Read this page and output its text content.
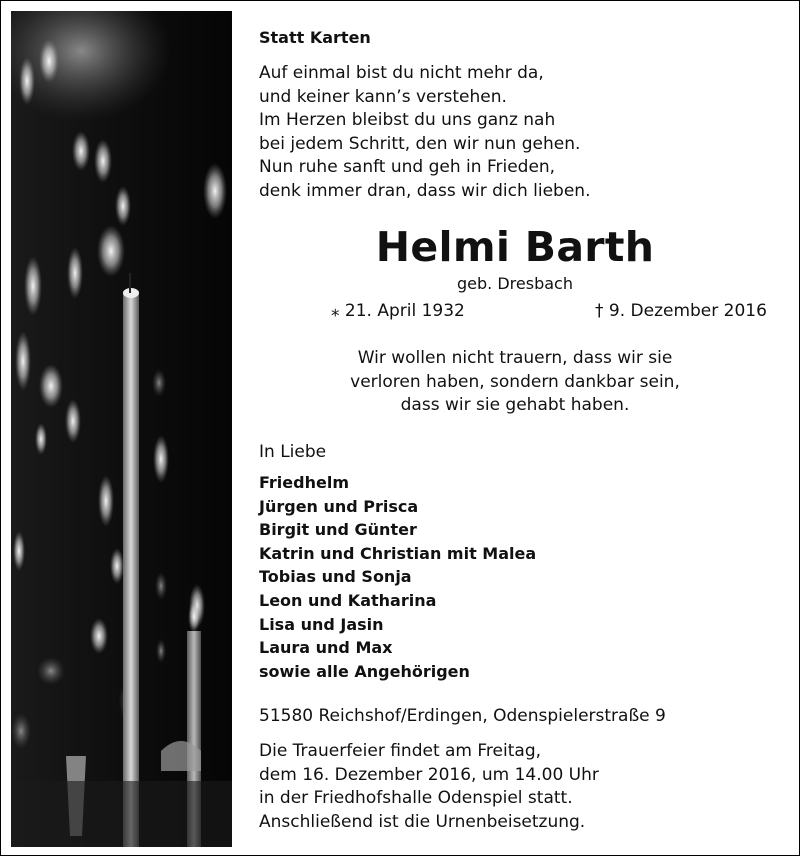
Statt Karten
Auf einmal bist du nicht mehr da,
und keiner kann’s verstehen.
Im Herzen bleibst du uns ganz nah
bei jedem Schritt, den wir nun gehen.
Nun ruhe sanft und geh in Frieden,
denk immer dran, dass wir dich lieben.
Helmi Barth
geb. Dresbach
⁎ 21. April 1932	† 9. Dezember 2016
Wir wollen nicht trauern, dass wir sie
verloren haben, sondern dankbar sein,
dass wir sie gehabt haben.
In Liebe
Friedhelm
Jürgen und Prisca
Birgit und Günter
Katrin und Christian mit Malea
Tobias und Sonja
Leon und Katharina
Lisa und Jasin
Laura und Max
sowie alle Angehörigen
51580 Reichshof/Erdingen, Odenspielerstraße 9
Die Trauerfeier findet am Freitag,
dem 16. Dezember 2016, um 14.00 Uhr
in der Friedhofshalle Odenspiel statt.
Anschließend ist die Urnenbeisetzung.
